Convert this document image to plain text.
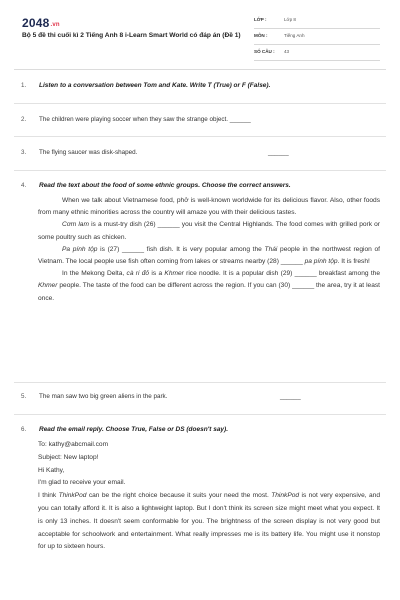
2048.vn
Bộ 5 đề thi cuối kì 2 Tiếng Anh 8 i-Learn Smart World có đáp án (Đề 1)
LỚP :	Lớp 8
MÔN :	Tiếng Anh
SỐ CÂU : 43
1. Listen to a conversation between Tom and Kate. Write T (True) or F (False).
2. The children were playing soccer when they saw the strange object. ______
3. The flying saucer was disk-shaped.	______
4. Read the text about the food of some ethnic groups. Choose the correct answers.

When we talk about Vietnamese food, phở is well-known worldwide for its delicious flavor. Also, other foods from many ethnic minorities across the country will amaze you with their delicious tastes.

Cơm lam is a must-try dish (26) ______ you visit the Central Highlands. The food comes with grilled pork or some poultry such as chicken.

Pa pính tộp is (27) ______ fish dish. It is very popular among the Thái people in the northwest region of Vietnam. The local people use fish often coming from lakes or streams nearby (28) ______ pa pính tộp. It is fresh!

In the Mekong Delta, cà ri đỏ is a Khmer rice noodle. It is a popular dish (29) ______ breakfast among the Khmer people. The taste of the food can be different across the region. If you can (30) ______ the area, try it at least once.

5. The man saw two big green aliens in the park.	______
6. Read the email reply. Choose True, False or DS (doesn't say).

To: kathy@abcmail.com

Subject: New laptop!

Hi Kathy,

I'm glad to receive your email.

I think ThinkPod can be the right choice because it suits your need the most. ThinkPod is not very expensive, and you can totally afford it. It is also a lightweight laptop. But I don't think its screen size might meet what you expect. It is only 13 inches. It doesn't seem conformable for you. The brightness of the screen display is not very good but acceptable for schoolwork and entertainment. What really impresses me is its battery life. You might use it nonstop for up to sixteen hours.
